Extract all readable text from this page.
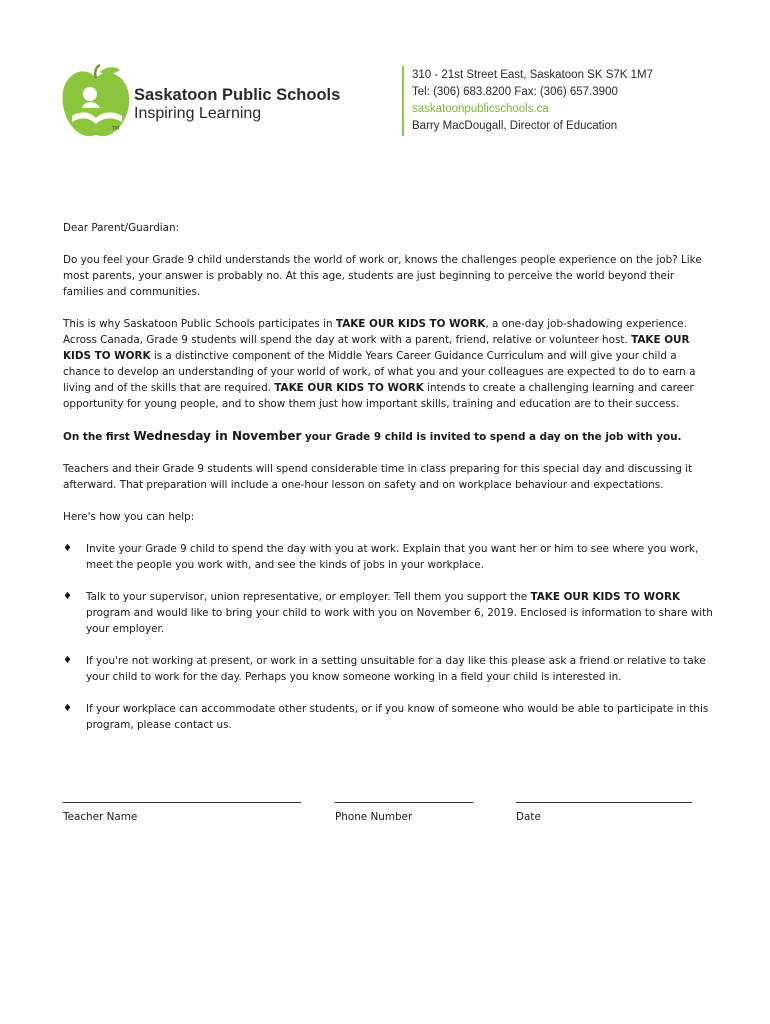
TM
Saskatoon Public Schools
Inspiring Learning
310 - 21st Street East, Saskatoon SK S7K 1M7
Tel: (306) 683.8200 Fax: (306) 657.3900
saskatoonpublicschools.ca
Barry MacDougall, Director of Education

Dear Parent/Guardian:

Do you feel your Grade 9 child understands the world of work or, knows the challenges people experience on the job? Like most parents, your answer is probably no. At this age, students are just beginning to perceive the world beyond their families and communities.

This is why Saskatoon Public Schools participates in TAKE OUR KIDS TO WORK, a one-day job-shadowing experience. Across Canada, Grade 9 students will spend the day at work with a parent, friend, relative or volunteer host. TAKE OUR KIDS TO WORK is a distinctive component of the Middle Years Career Guidance Curriculum and will give your child a chance to develop an understanding of your world of work, of what you and your colleagues are expected to do to earn a living and of the skills that are required. TAKE OUR KIDS TO WORK intends to create a challenging learning and career opportunity for young people, and to show them just how important skills, training and education are to their success.

On the first Wednesday in November your Grade 9 child is invited to spend a day on the job with you.

Teachers and their Grade 9 students will spend considerable time in class preparing for this special day and discussing it afterward. That preparation will include a one-hour lesson on safety and on workplace behaviour and expectations.

Here's how you can help:

♦ Invite your Grade 9 child to spend the day with you at work. Explain that you want her or him to see where you work, meet the people you work with, and see the kinds of jobs in your workplace.
♦ Talk to your supervisor, union representative, or employer. Tell them you support the TAKE OUR KIDS TO WORK program and would like to bring your child to work with you on November 6, 2019. Enclosed is information to share with your employer.
♦ If you're not working at present, or work in a setting unsuitable for a day like this please ask a friend or relative to take your child to work for the day. Perhaps you know someone working in a field your child is interested in.
♦ If your workplace can accommodate other students, or if you know of someone who would be able to participate in this program, please contact us.
Teacher Name	Phone Number	Date
